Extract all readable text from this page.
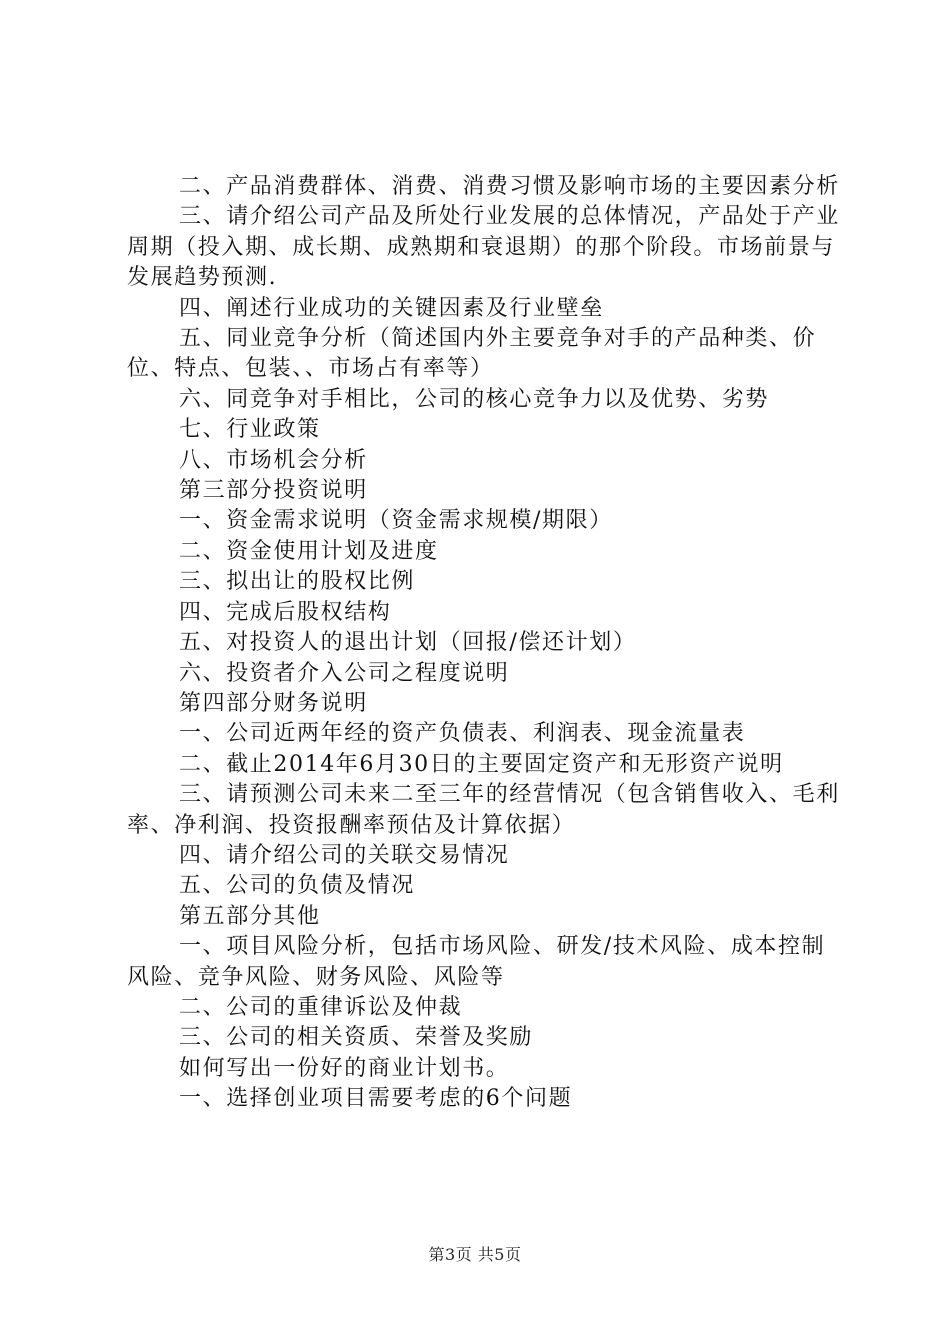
二、产品消费群体、消费、消费习惯及影响市场的主要因素分析

三、请介绍公司产品及所处行业发展的总体情况，产品处于产业周期（投入期、成长期、成熟期和衰退期）的那个阶段。市场前景与发展趋势预测.

四、阐述行业成功的关键因素及行业壁垒

五、同业竞争分析（简述国内外主要竞争对手的产品种类、价位、特点、包装、、市场占有率等）

六、同竞争对手相比，公司的核心竞争力以及优势、劣势

七、行业政策

八、市场机会分析

第三部分投资说明

一、资金需求说明（资金需求规模/期限）

二、资金使用计划及进度

三、拟出让的股权比例

四、完成后股权结构

五、对投资人的退出计划（回报/偿还计划）

六、投资者介入公司之程度说明

第四部分财务说明

一、公司近两年经的资产负债表、利润表、现金流量表

二、截止2014年6月30日的主要固定资产和无形资产说明

三、请预测公司未来二至三年的经营情况（包含销售收入、毛利率、净利润、投资报酬率预估及计算依据）

四、请介绍公司的关联交易情况

五、公司的负债及情况

第五部分其他

一、项目风险分析，包括市场风险、研发/技术风险、成本控制风险、竞争风险、财务风险、风险等

二、公司的重律诉讼及仲裁

三、公司的相关资质、荣誉及奖励

如何写出一份好的商业计划书。

一、选择创业项目需要考虑的6个问题

第3页 共5页
